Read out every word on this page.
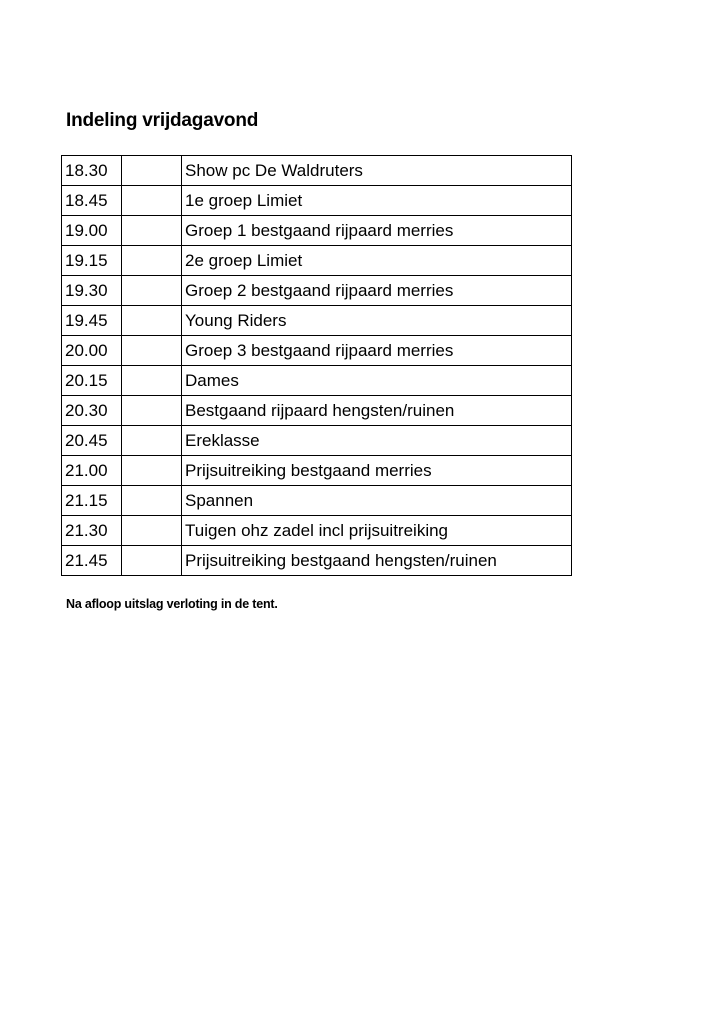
Indeling vrijdagavond
18.30		Show pc De Waldruters
18.45		1e groep Limiet
19.00		Groep 1 bestgaand rijpaard merries
19.15		2e groep Limiet
19.30		Groep 2 bestgaand rijpaard merries
19.45		Young Riders
20.00		Groep 3 bestgaand rijpaard merries
20.15		Dames
20.30		Bestgaand rijpaard hengsten/ruinen
20.45		Ereklasse
21.00		Prijsuitreiking bestgaand merries
21.15		Spannen
21.30		Tuigen ohz zadel incl prijsuitreiking
21.45		Prijsuitreiking bestgaand hengsten/ruinen
Na afloop uitslag verloting in de tent.
